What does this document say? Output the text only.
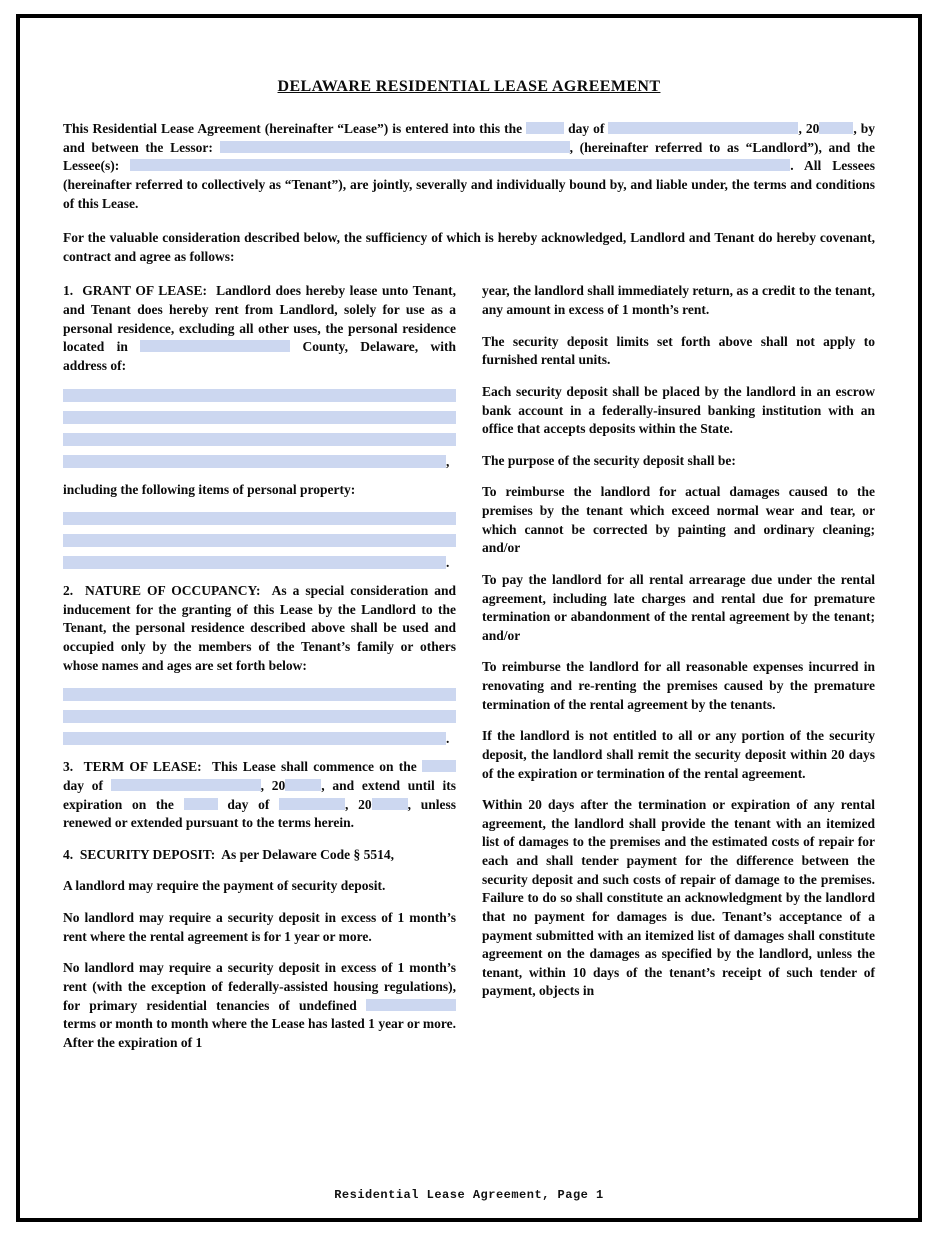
DELAWARE RESIDENTIAL LEASE AGREEMENT

This Residential Lease Agreement (hereinafter “Lease”) is entered into this the	day of	, 20	, by and between the Lessor:	, (hereinafter referred to as “Landlord”), and the Lessee(s):	. All Lessees (hereinafter referred to collectively as “Tenant”), are jointly, severally and individually bound by, and liable under, the terms and conditions of this Lease.

For the valuable consideration described below, the sufficiency of which is hereby acknowledged, Landlord and Tenant do hereby covenant, contract and agree as follows:

1.  GRANT OF LEASE:  Landlord does hereby lease unto Tenant, and Tenant does hereby rent from Landlord, solely for use as a personal residence, excluding all other uses, the personal residence located in	County, Delaware, with address of:

,

including the following items of personal property:

.

2.  NATURE OF OCCUPANCY:  As a special consideration and inducement for the granting of this Lease by the Landlord to the Tenant, the personal residence described above shall be used and occupied only by the members of the Tenant’s family or others whose names and ages are set forth below:

.

3.  TERM OF LEASE:  This Lease shall commence on the  day of	, 20	, and extend until its expiration on the	day of	, 20	, unless renewed or extended pursuant to the terms herein.

4.  SECURITY DEPOSIT:  As per Delaware Code § 5514,

A landlord may require the payment of security deposit.

No landlord may require a security deposit in excess of 1 month’s rent where the rental agreement is for 1 year or more.

No landlord may require a security deposit in excess of 1 month’s rent (with the exception of federally-assisted housing regulations), for primary residential tenancies of undefined  terms or month to month where the Lease has lasted 1 year or more. After the expiration of 1

year, the landlord shall immediately return, as a credit to the tenant, any amount in excess of 1 month’s rent.

The security deposit limits set forth above shall not apply to furnished rental units.

Each security deposit shall be placed by the landlord in an escrow bank account in a federally-insured banking institution with an office that accepts deposits within the State.

The purpose of the security deposit shall be:

To reimburse the landlord for actual damages caused to the premises by the tenant which exceed normal wear and tear, or which cannot be corrected by painting and ordinary cleaning; and/or

To pay the landlord for all rental arrearage due under the rental agreement, including late charges and rental due for premature termination or abandonment of the rental agreement by the tenant; and/or

To reimburse the landlord for all reasonable expenses incurred in renovating and re-renting the premises caused by the premature termination of the rental agreement by the tenants.

If the landlord is not entitled to all or any portion of the security deposit, the landlord shall remit the security deposit within 20 days of the expiration or termination of the rental agreement.

Within 20 days after the termination or expiration of any rental agreement, the landlord shall provide the tenant with an itemized list of damages to the premises and the estimated costs of repair for each and shall tender payment for the difference between the security deposit and such costs of repair of damage to the premises. Failure to do so shall constitute an acknowledgment by the landlord that no payment for damages is due. Tenant’s acceptance of a payment submitted with an itemized list of damages shall constitute agreement on the damages as specified by the landlord, unless the tenant, within 10 days of the tenant’s receipt of such tender of payment, objects in

Residential Lease Agreement, Page 1
